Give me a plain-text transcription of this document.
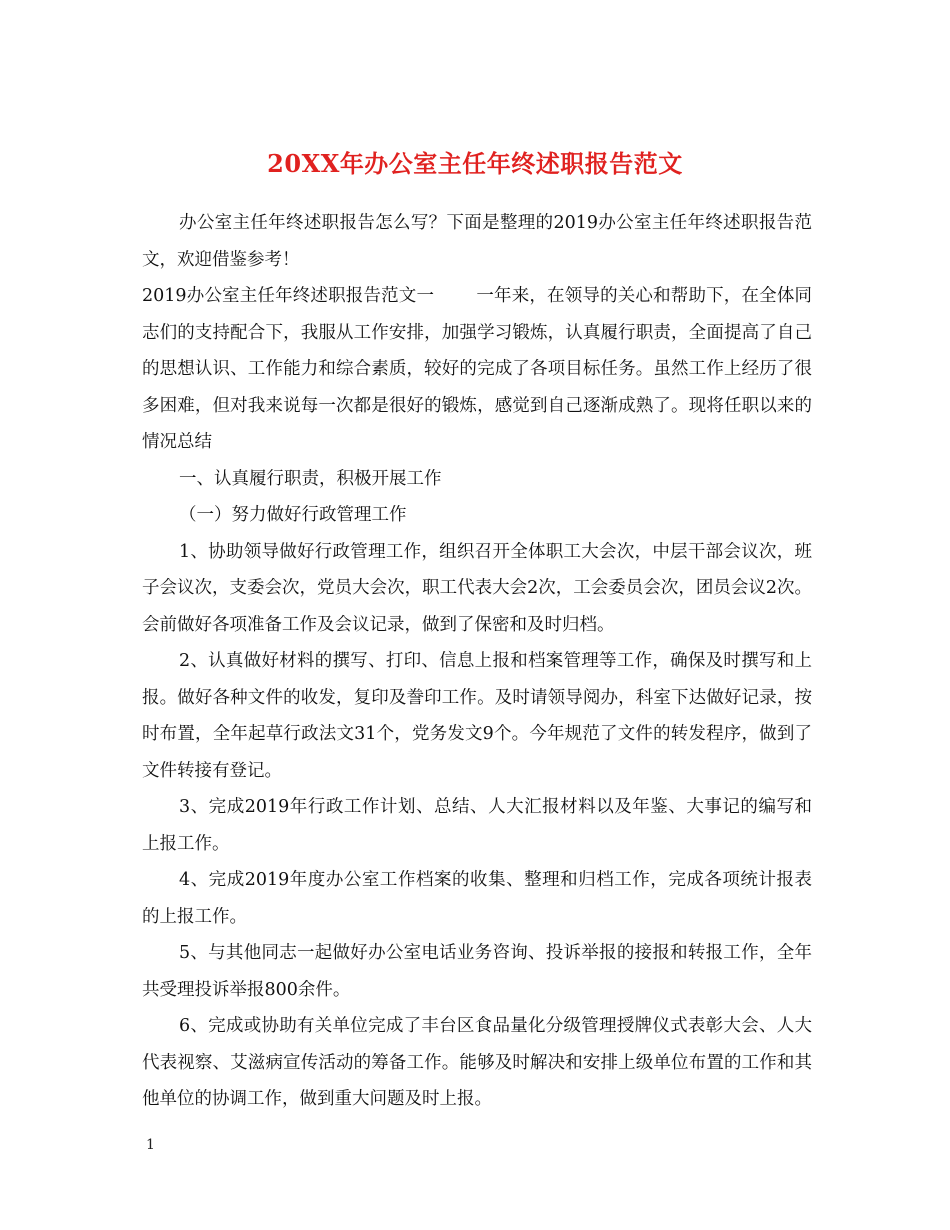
20XX年办公室主任年终述职报告范文

办公室主任年终述职报告怎么写？下面是整理的2019办公室主任年终述职报告范文，欢迎借鉴参考！

2019办公室主任年终述职报告范文一 一年来，在领导的关心和帮助下，在全体同志们的支持配合下，我服从工作安排，加强学习锻炼，认真履行职责，全面提高了自己的思想认识、工作能力和综合素质，较好的完成了各项目标任务。虽然工作上经历了很多困难，但对我来说每一次都是很好的锻炼，感觉到自己逐渐成熟了。现将任职以来的情况总结

一、认真履行职责，积极开展工作

（一）努力做好行政管理工作

1、协助领导做好行政管理工作，组织召开全体职工大会次，中层干部会议次，班子会议次，支委会次，党员大会次，职工代表大会2次，工会委员会次，团员会议2次。会前做好各项准备工作及会议记录，做到了保密和及时归档。

2、认真做好材料的撰写、打印、信息上报和档案管理等工作，确保及时撰写和上报。做好各种文件的收发，复印及誊印工作。及时请领导阅办，科室下达做好记录，按时布置，全年起草行政法文31个，党务发文9个。今年规范了文件的转发程序，做到了文件转接有登记。

3、完成2019年行政工作计划、总结、人大汇报材料以及年鉴、大事记的编写和上报工作。

4、完成2019年度办公室工作档案的收集、整理和归档工作，完成各项统计报表的上报工作。

5、与其他同志一起做好办公室电话业务咨询、投诉举报的接报和转报工作，全年共受理投诉举报800余件。

6、完成或协助有关单位完成了丰台区食品量化分级管理授牌仪式表彰大会、人大代表视察、艾滋病宣传活动的筹备工作。能够及时解决和安排上级单位布置的工作和其他单位的协调工作，做到重大问题及时上报。

1
